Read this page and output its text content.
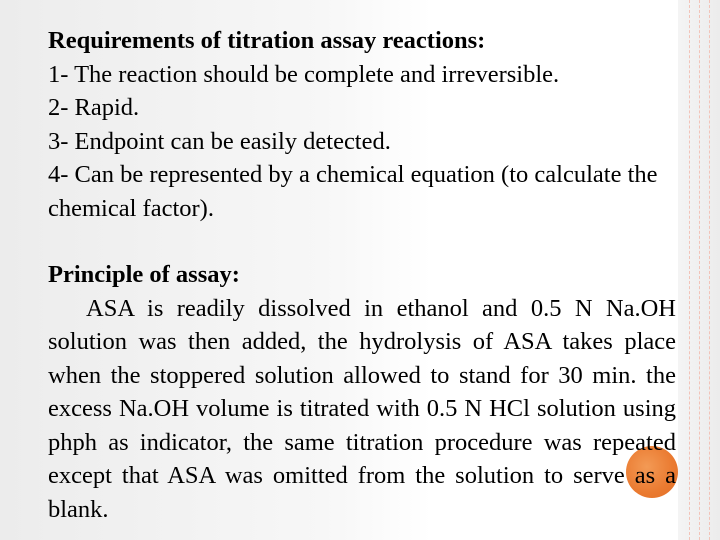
Requirements of titration assay reactions:

1- The reaction should be complete and irreversible.

2- Rapid.

3- Endpoint can be easily detected.

4- Can be represented by a chemical equation (to calculate the chemical factor).

Principle of assay:

ASA is readily dissolved in ethanol and 0.5 N Na.OH solution was then added, the hydrolysis of ASA takes place when the stoppered solution allowed to stand for 30 min. the excess Na.OH volume is titrated with 0.5 N HCl solution using phph as indicator, the same titration procedure was repeated except that ASA was omitted from the solution to serve as a blank.
